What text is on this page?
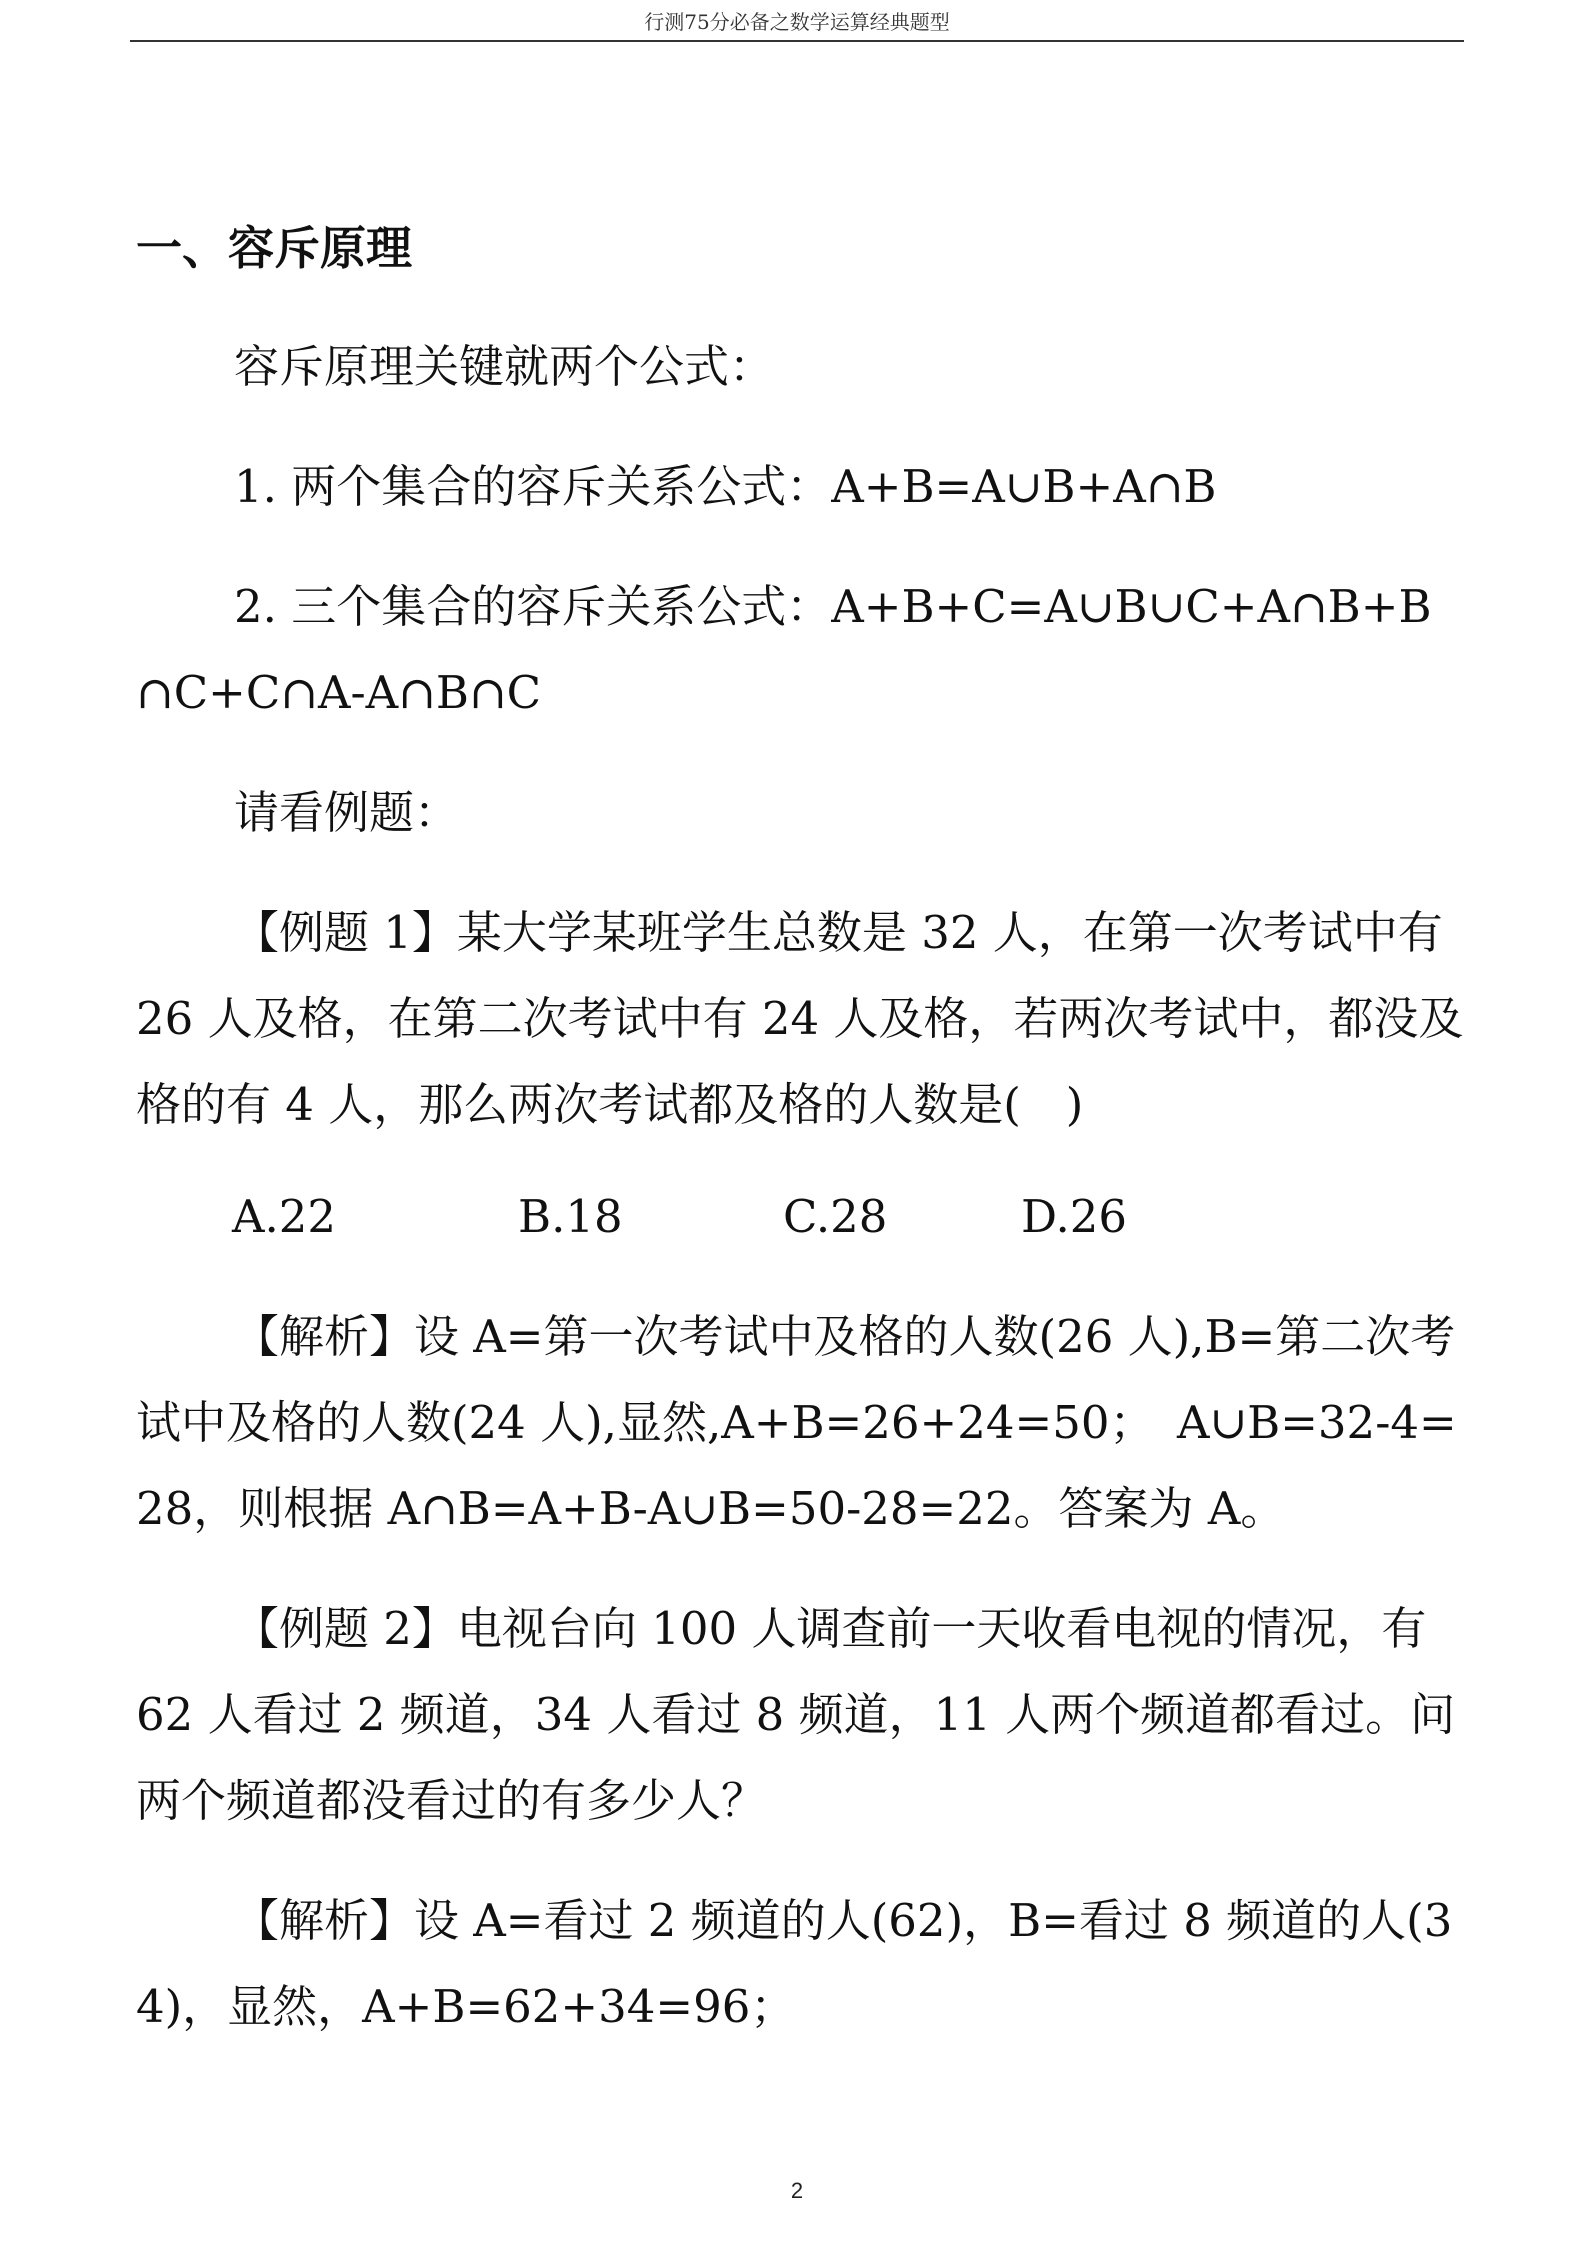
行测75分必备之数学运算经典题型
一、容斥原理

容斥原理关键就两个公式：

1. 两个集合的容斥关系公式：A+B=A∪B+A∩B

2. 三个集合的容斥关系公式：A+B+C=A∪B∪C+A∩B+B∩C+C∩A-A∩B∩C

请看例题：

【例题 1】某大学某班学生总数是 32 人，在第一次考试中有 26 人及格，在第二次考试中有 24 人及格，若两次考试中，都没及格的有 4 人，那么两次考试都及格的人数是(　)

A.22	B.18	C.28	D.26

【解析】设 A=第一次考试中及格的人数(26 人),B=第二次考试中及格的人数(24 人),显然,A+B=26+24=50；　A∪B=32-4=28，则根据 A∩B=A+B-A∪B=50-28=22。答案为 A。

【例题 2】电视台向 100 人调查前一天收看电视的情况，有 62 人看过 2 频道，34 人看过 8 频道，11 人两个频道都看过。问两个频道都没看过的有多少人？

【解析】设 A=看过 2 频道的人(62)，B=看过 8 频道的人(34)，显然，A+B=62+34=96；

2
